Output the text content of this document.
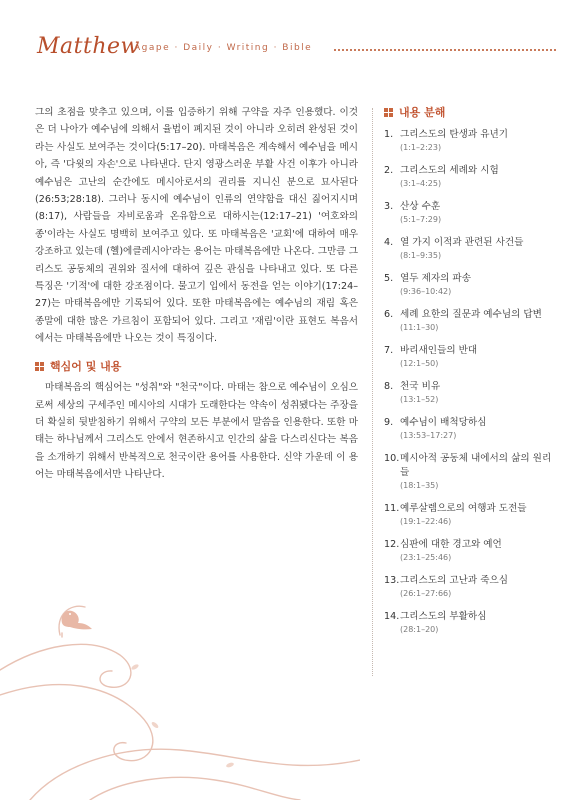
Matthew
Agape · Daily · Writing · Bible

그의 초점을 맞추고 있으며, 이를 입증하기 위해 구약을 자주 인용했다. 이것은 더 나아가 예수님에 의해서 율법이 폐지된 것이 아니라 오히려 완성된 것이라는 사실도 보여주는 것이다(5:17–20). 마태복음은 계속해서 예수님을 메시아, 즉 '다윗의 자손'으로 나타낸다. 단지 영광스러운 부활 사건 이후가 아니라 예수님은 고난의 순간에도 메시아로서의 권리를 지니신 분으로 묘사된다(26:53;28:18). 그러나 동시에 예수님이 인류의 연약함을 대신 짊어지시며(8:17), 사람들을 자비로움과 온유함으로 대하시는(12:17–21) '여호와의 종'이라는 사실도 명백히 보여주고 있다. 또 마태복음은 '교회'에 대하여 매우 강조하고 있는데 (헬)에클레시아'라는 용어는 마태복음에만 나온다. 그만큼 그리스도 공동체의 권위와 질서에 대하여 깊은 관심을 나타내고 있다. 또 다른 특징은 '기적'에 대한 강조점이다. 물고기 입에서 동전을 얻는 이야기(17:24–27)는 마태복음에만 기록되어 있다. 또한 마태복음에는 예수님의 재림 혹은 종말에 대한 많은 가르침이 포함되어 있다. 그리고 '재림'이란 표현도 복음서에서는 마태복음에만 나오는 것이 특징이다.

핵심어 및 내용

마태복음의 핵심어는 "성취"와 "천국"이다. 마태는 참으로 예수님이 오심으로써 세상의 구세주인 메시아의 시대가 도래한다는 약속이 성취됐다는 주장을 더 확실히 뒷받침하기 위해서 구약의 모든 부분에서 말씀을 인용한다. 또한 마태는 하나님께서 그리스도 안에서 현존하시고 인간의 삶을 다스리신다는 복음을 소개하기 위해서 반복적으로 천국이란 용어를 사용한다. 신약 가운데 이 용어는 마태복음에서만 나타난다.

내용 분해
1. 그리스도의 탄생과 유년기
(1:1–2:23)
2. 그리스도의 세례와 시험
(3:1–4:25)
3. 산상 수훈
(5:1–7:29)
4. 열 가지 이적과 관련된 사건들
(8:1–9:35)
5. 열두 제자의 파송
(9:36–10:42)
6. 세례 요한의 질문과 예수님의 답변
(11:1–30)
7. 바리새인들의 반대
(12:1–50)
8. 천국 비유
(13:1–52)
9. 예수님이 배척당하심
(13:53–17:27)
10. 메시아적 공동체 내에서의 삶의 원리들
(18:1–35)
11. 예루살렘으로의 여행과 도전들
(19:1–22:46)
12. 심판에 대한 경고와 예언
(23:1–25:46)
13. 그리스도의 고난과 죽으심
(26:1–27:66)
14. 그리스도의 부활하심
(28:1–20)
